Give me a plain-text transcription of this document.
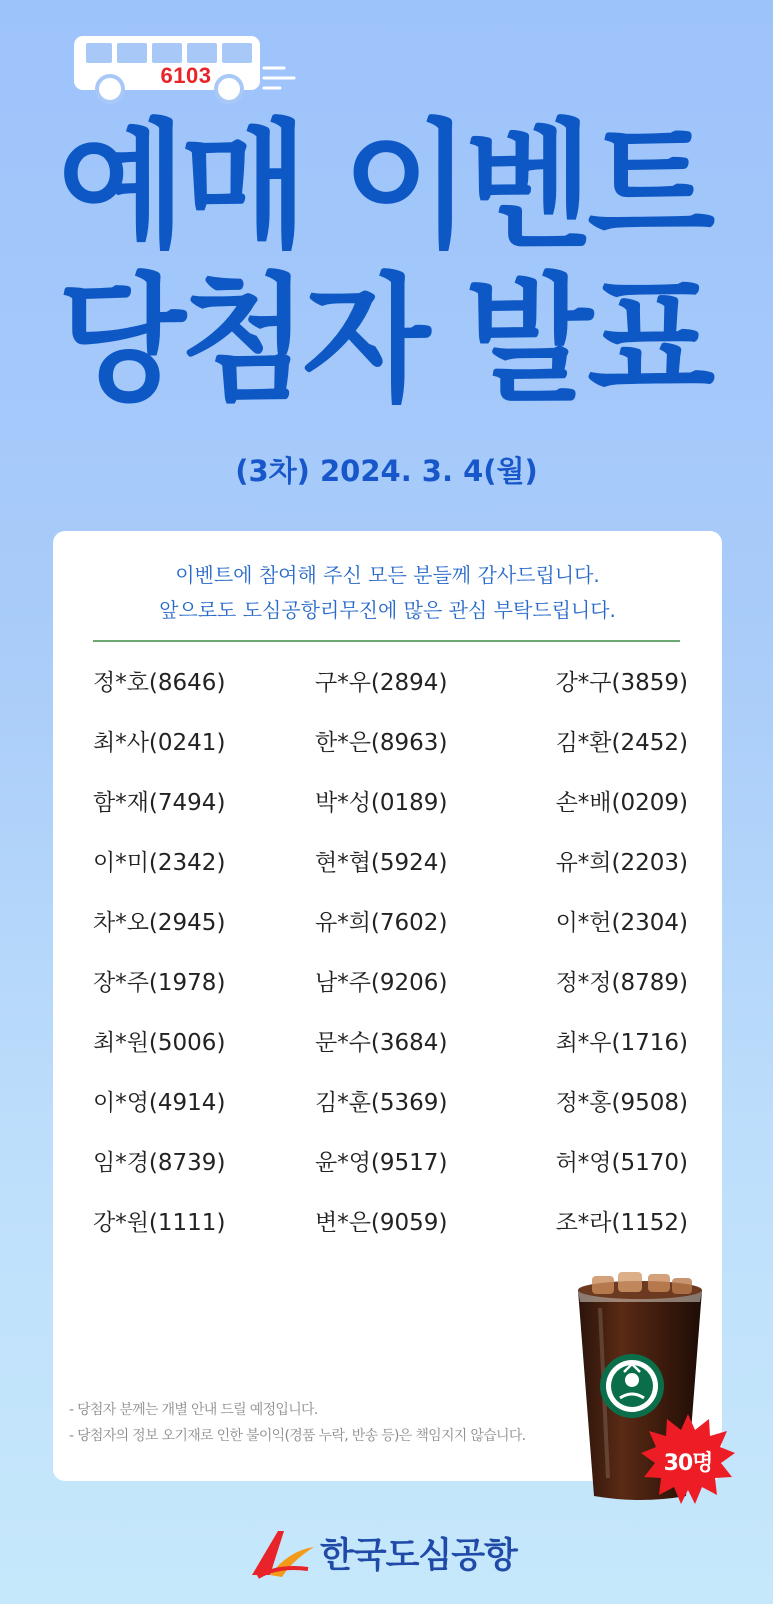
6103
예매 이벤트
당첨자 발표

(3차) 2024. 3. 4(월)

이벤트에 참여해 주신 모든 분들께 감사드립니다.
앞으로도 도심공항리무진에 많은 관심 부탁드립니다.

정*호(8646)	구*우(2894)	강*구(3859)
최*사(0241)	한*은(8963)	김*환(2452)
함*재(7494)	박*성(0189)	손*배(0209)
이*미(2342)	현*협(5924)	유*희(2203)
차*오(2945)	유*희(7602)	이*헌(2304)
장*주(1978)	남*주(9206)	정*정(8789)
최*원(5006)	문*수(3684)	최*우(1716)
이*영(4914)	김*훈(5369)	정*홍(9508)
임*경(8739)	윤*영(9517)	허*영(5170)
강*원(1111)	변*은(9059)	조*라(1152)

- 당첨자 분께는 개별 안내 드릴 예정입니다.
- 당첨자의 정보 오기재로 인한 불이익(경품 누락, 반송 등)은 책임지지 않습니다.

30명
한국도심공항
